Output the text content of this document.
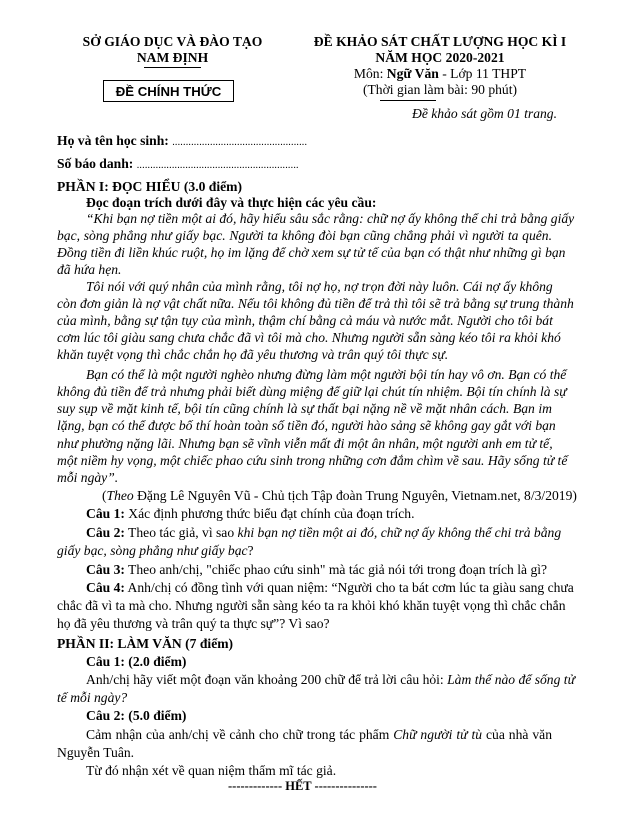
SỞ GIÁO DỤC VÀ ĐÀO TẠO
NAM ĐỊNH
ĐỀ CHÍNH THỨC
ĐỀ KHẢO SÁT CHẤT LƯỢNG HỌC KÌ I
NĂM HỌC 2020-2021
Môn: Ngữ Văn - Lớp 11 THPT
(Thời gian làm bài: 90 phút)
Đề khảo sát gồm 01 trang.
Họ và tên học sinh: ..................................................
Số báo danh: ............................................................
PHẦN I: ĐỌC HIỂU (3.0 điểm)
Đọc đoạn trích dưới đây và thực hiện các yêu cầu:
“Khi bạn nợ tiền một ai đó, hãy hiểu sâu sắc rằng: chữ nợ ấy không thể chi trả bằng giấy
bạc, sòng phẳng như giấy bạc. Người ta không đòi bạn cũng chẳng phải vì người ta quên.
Đồng tiền đi liền khúc ruột, họ im lặng để chờ xem sự tử tế của bạn có thật như những gì bạn
đã hứa hẹn.
Tôi nói với quý nhân của mình rằng, tôi nợ họ, nợ trọn đời này luôn. Cái nợ ấy không
còn đơn giản là nợ vật chất nữa. Nếu tôi không đủ tiền để trả thì tôi sẽ trả bằng sự trung thành
của mình, bằng sự tận tụy của mình, thậm chí bằng cả máu và nước mắt. Người cho tôi bát
cơm lúc tôi giàu sang chưa chắc đã vì tôi mà cho. Nhưng người sẵn sàng kéo tôi ra khỏi khó
khăn tuyệt vọng thì chắc chắn họ đã yêu thương và trân quý tôi thực sự.
Bạn có thể là một người nghèo nhưng đừng làm một người bội tín hay vô ơn. Bạn có thể
không đủ tiền để trả nhưng phải biết dùng miệng để giữ lại chút tín nhiệm. Bội tín chính là sự
suy sụp về mặt kinh tế, bội tín cũng chính là sự thất bại nặng nề về mặt nhân cách. Bạn im
lặng, bạn có thể được bố thí hoàn toàn số tiền đó, người hào sảng sẽ không gay gắt với bạn
như phường nặng lãi. Nhưng bạn sẽ vĩnh viễn mất đi một ân nhân, một người anh em tử tế,
một niềm hy vọng, một chiếc phao cứu sinh trong những cơn đắm chìm về sau. Hãy sống tử tế
mỗi ngày”.
(Theo Đặng Lê Nguyên Vũ - Chủ tịch Tập đoàn Trung Nguyên, Vietnam.net, 8/3/2019)
Câu 1: Xác định phương thức biểu đạt chính của đoạn trích.
Câu 2: Theo tác giả, vì sao khi bạn nợ tiền một ai đó, chữ nợ ấy không thể chi trả bằng
giấy bạc, sòng phẳng như giấy bạc?
Câu 3: Theo anh/chị, "chiếc phao cứu sinh" mà tác giả nói tới trong đoạn trích là gì?
Câu 4: Anh/chị có đồng tình với quan niệm: “Người cho ta bát cơm lúc ta giàu sang chưa
chắc đã vì ta mà cho. Nhưng người sẵn sàng kéo ta ra khỏi khó khăn tuyệt vọng thì chắc chắn
họ đã yêu thương và trân quý ta thực sự”? Vì sao?
PHẦN II: LÀM VĂN (7 điểm)
Câu 1: (2.0 điểm)
Anh/chị hãy viết một đoạn văn khoảng 200 chữ để trả lời câu hỏi: Làm thế nào để sống tử
tế mỗi ngày?
Câu 2: (5.0 điểm)
Cảm nhận của anh/chị về cảnh cho chữ trong tác phẩm Chữ người tử tù của nhà văn
Nguyễn Tuân.
Từ đó nhận xét về quan niệm thẩm mĩ tác giả.
------------- HẾT ---------------
